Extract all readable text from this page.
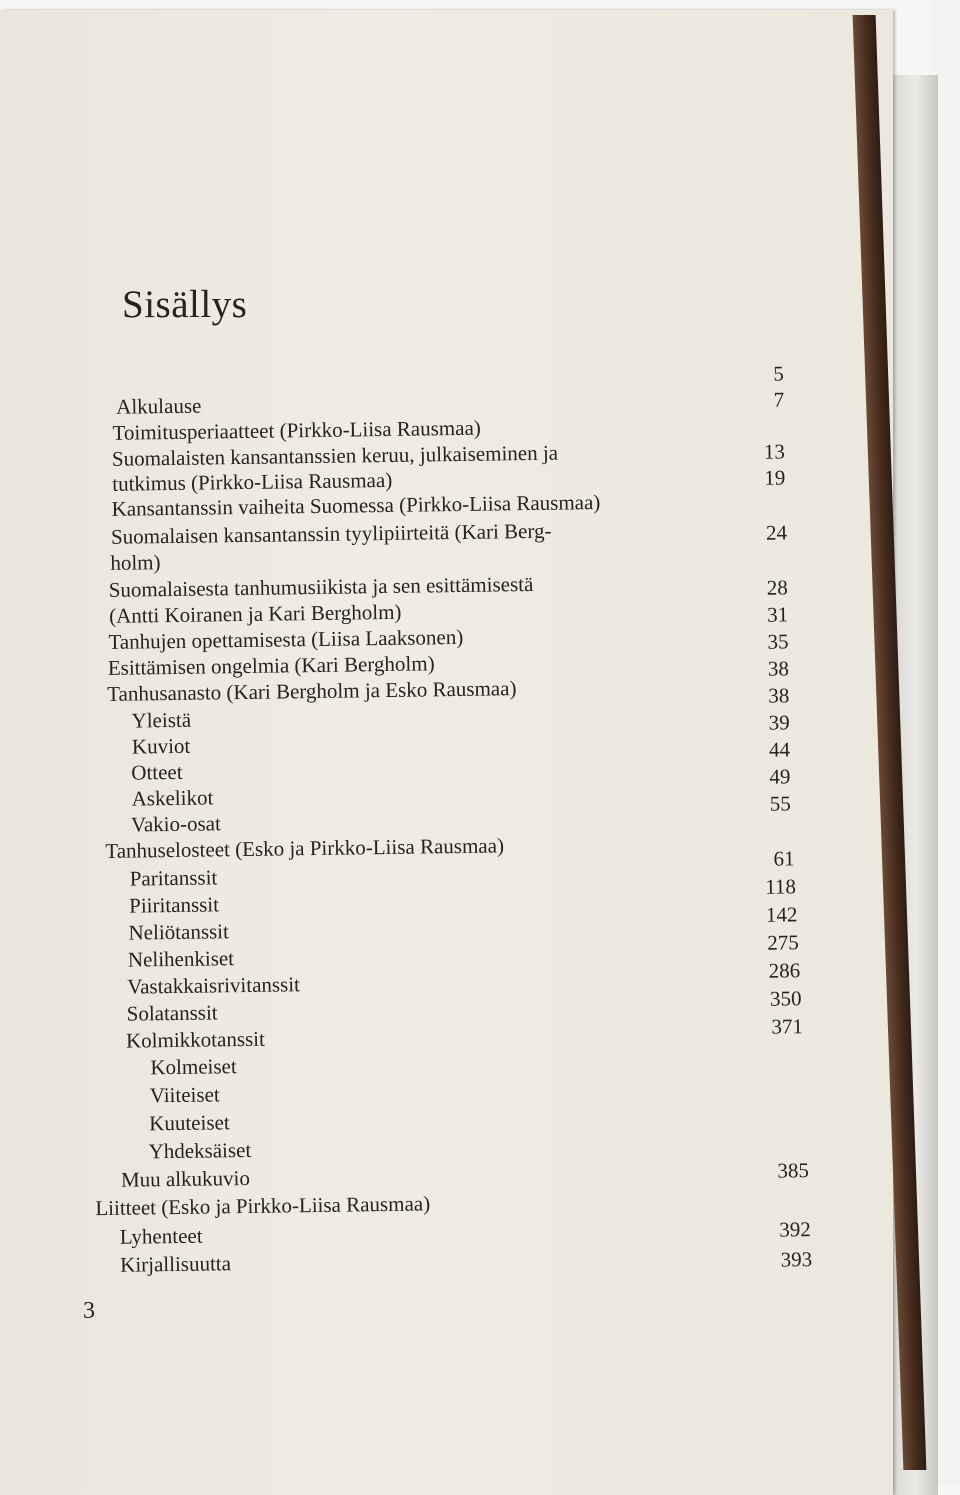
Sisällys
Alkulause
Toimitusperiaatteet (Pirkko-Liisa Rausmaa)
Suomalaisten kansantanssien keruu, julkaiseminen ja
tutkimus (Pirkko-Liisa Rausmaa)
Kansantanssin vaiheita Suomessa (Pirkko-Liisa Rausmaa)
Suomalaisen kansantanssin tyylipiirteitä (Kari Berg-
holm)
Suomalaisesta tanhumusiikista ja sen esittämisestä
(Antti Koiranen ja Kari Bergholm)
Tanhujen opettamisesta (Liisa Laaksonen)
Esittämisen ongelmia (Kari Bergholm)
Tanhusanasto (Kari Bergholm ja Esko Rausmaa)
Yleistä
Kuviot
Otteet
Askelikot
Vakio-osat
Tanhuselosteet (Esko ja Pirkko-Liisa Rausmaa)
Paritanssit
Piiritanssit
Neliötanssit
Nelihenkiset
Vastakkaisrivitanssit
Solatanssit
Kolmikkotanssit
Kolmeiset
Viiteiset
Kuuteiset
Yhdeksäiset
Muu alkukuvio
Liitteet (Esko ja Pirkko-Liisa Rausmaa)
Lyhenteet
Kirjallisuutta
5
7
13
19
24
28
31
35
38
38
39
44
49
55
61
118
142
275
286
350
371
385
392
393
3
